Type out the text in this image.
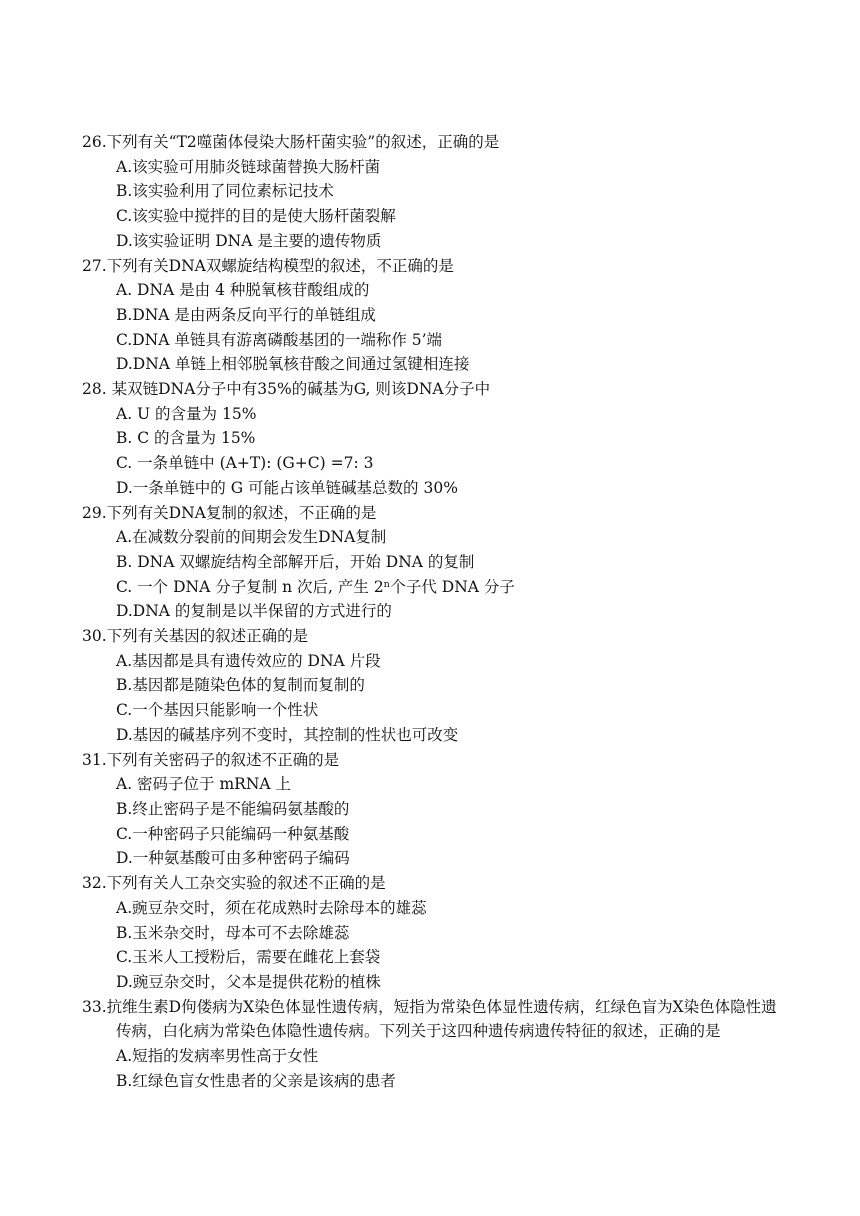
26.下列有关“T2噬菌体侵染大肠杆菌实验”的叙述，正确的是
A.该实验可用肺炎链球菌替换大肠杆菌
B.该实验利用了同位素标记技术
C.该实验中搅拌的目的是使大肠杆菌裂解
D.该实验证明 DNA 是主要的遗传物质
27.下列有关DNA双螺旋结构模型的叙述，不正确的是
A. DNA 是由 4 种脱氧核苷酸组成的
B.DNA 是由两条反向平行的单链组成
C.DNA 单链具有游离磷酸基团的一端称作 5’端
D.DNA 单链上相邻脱氧核苷酸之间通过氢键相连接
28. 某双链DNA分子中有35%的碱基为G, 则该DNA分子中
A. U 的含量为 15%
B. C 的含量为 15%
C. 一条单链中 (A+T): (G+C) =7: 3
D.一条单链中的 G 可能占该单链碱基总数的 30%
29.下列有关DNA复制的叙述，不正确的是
A.在减数分裂前的间期会发生DNA复制
B. DNA 双螺旋结构全部解开后，开始 DNA 的复制
C. 一个 DNA 分子复制 n 次后, 产生 2ⁿ个子代 DNA 分子
D.DNA 的复制是以半保留的方式进行的
30.下列有关基因的叙述正确的是
A.基因都是具有遗传效应的 DNA 片段
B.基因都是随染色体的复制而复制的
C.一个基因只能影响一个性状
D.基因的碱基序列不变时，其控制的性状也可改变
31.下列有关密码子的叙述不正确的是
A. 密码子位于 mRNA 上
B.终止密码子是不能编码氨基酸的
C.一种密码子只能编码一种氨基酸
D.一种氨基酸可由多种密码子编码
32.下列有关人工杂交实验的叙述不正确的是
A.豌豆杂交时，须在花成熟时去除母本的雄蕊
B.玉米杂交时，母本可不去除雄蕊
C.玉米人工授粉后，需要在雌花上套袋
D.豌豆杂交时，父本是提供花粉的植株
33.抗维生素D佝偻病为X染色体显性遗传病，短指为常染色体显性遗传病，红绿色盲为X染色体隐性遗传病，白化病为常染色体隐性遗传病。下列关于这四种遗传病遗传特征的叙述，正确的是
A.短指的发病率男性高于女性
B.红绿色盲女性患者的父亲是该病的患者
